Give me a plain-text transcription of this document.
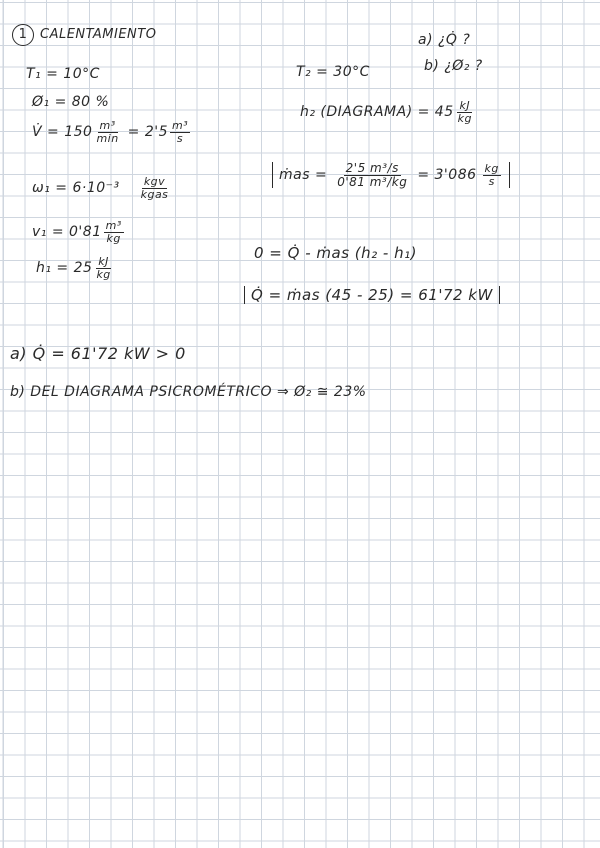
1 CALENTAMIENTO	a) ¿Q̇ ?
b) ¿Ø₂ ?
T₁ = 10°C
Ø₁ = 80 %
V̇ = $150 \frac{\text{m³}}{\min} = 2'5 \frac{\text{m³}}{s}$
$\omega_1 = 6\cdot 10^{-3} \frac{\text{kgv}}{\text{kgas}}$
$v_1 = 0'81 \frac{\text{m³}}{kg}$
$h_1 = 25 \frac{kJ}{kg}$
T₂ = 30°C
h₂ (DIAGRAMA) = $45 \frac{kJ}{kg}$
ṁas = $\frac{\text{2'5 m³/s}}{\text{0'81 m³/kg}} = 3'086 \frac{kg}{s}$
0 = Q̇ - ṁas (h₂ - h₁)
Q̇ = ṁas (45 - 25) = 61'72 kW
a) Q̇ = 61'72 kW > 0
b) DEL DIAGRAMA PSICROMÉTRICO ⇒ Ø₂ ≅ 23%
